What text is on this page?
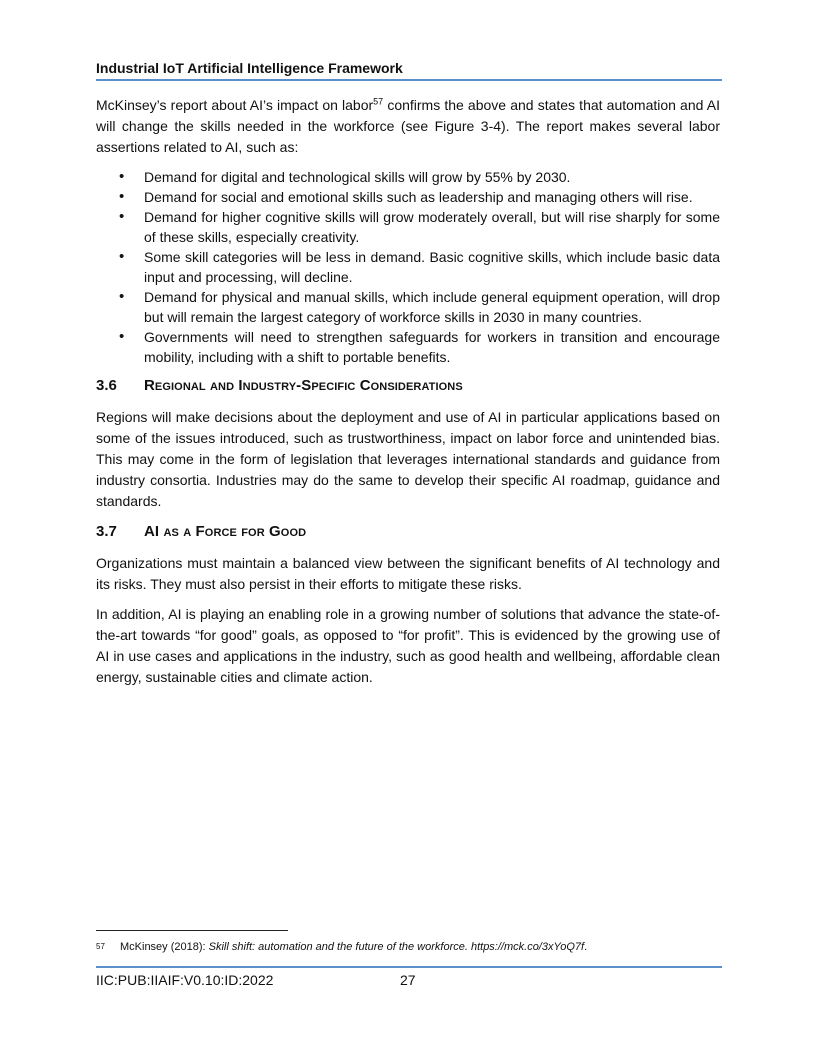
Industrial IoT Artificial Intelligence Framework

McKinsey’s report about AI’s impact on labor$^{57}$ confirms the above and states that automation and AI will change the skills needed in the workforce (see Figure 3-4). The report makes several labor assertions related to AI, such as:

• Demand for digital and technological skills will grow by 55% by 2030.
• Demand for social and emotional skills such as leadership and managing others will rise.
• Demand for higher cognitive skills will grow moderately overall, but will rise sharply for some of these skills, especially creativity.
• Some skill categories will be less in demand. Basic cognitive skills, which include basic data input and processing, will decline.
• Demand for physical and manual skills, which include general equipment operation, will drop but will remain the largest category of workforce skills in 2030 in many countries.
• Governments will need to strengthen safeguards for workers in transition and encourage mobility, including with a shift to portable benefits.
3.6	Regional and Industry-Specific Considerations

Regions will make decisions about the deployment and use of AI in particular applications based on some of the issues introduced, such as trustworthiness, impact on labor force and unintended bias. This may come in the form of legislation that leverages international standards and guidance from industry consortia. Industries may do the same to develop their specific AI roadmap, guidance and standards.

3.7	AI as a Force for Good

Organizations must maintain a balanced view between the significant benefits of AI technology and its risks. They must also persist in their efforts to mitigate these risks.

In addition, AI is playing an enabling role in a growing number of solutions that advance the state-of-the-art towards “for good” goals, as opposed to “for profit”. This is evidenced by the growing use of AI in use cases and applications in the industry, such as good health and wellbeing, affordable clean energy, sustainable cities and climate action.

57	McKinsey (2018): Skill shift: automation and the future of the workforce. https://mck.co/3xYoQ7f.
IIC:PUB:IIAIF:V0.10:ID:2022	27
